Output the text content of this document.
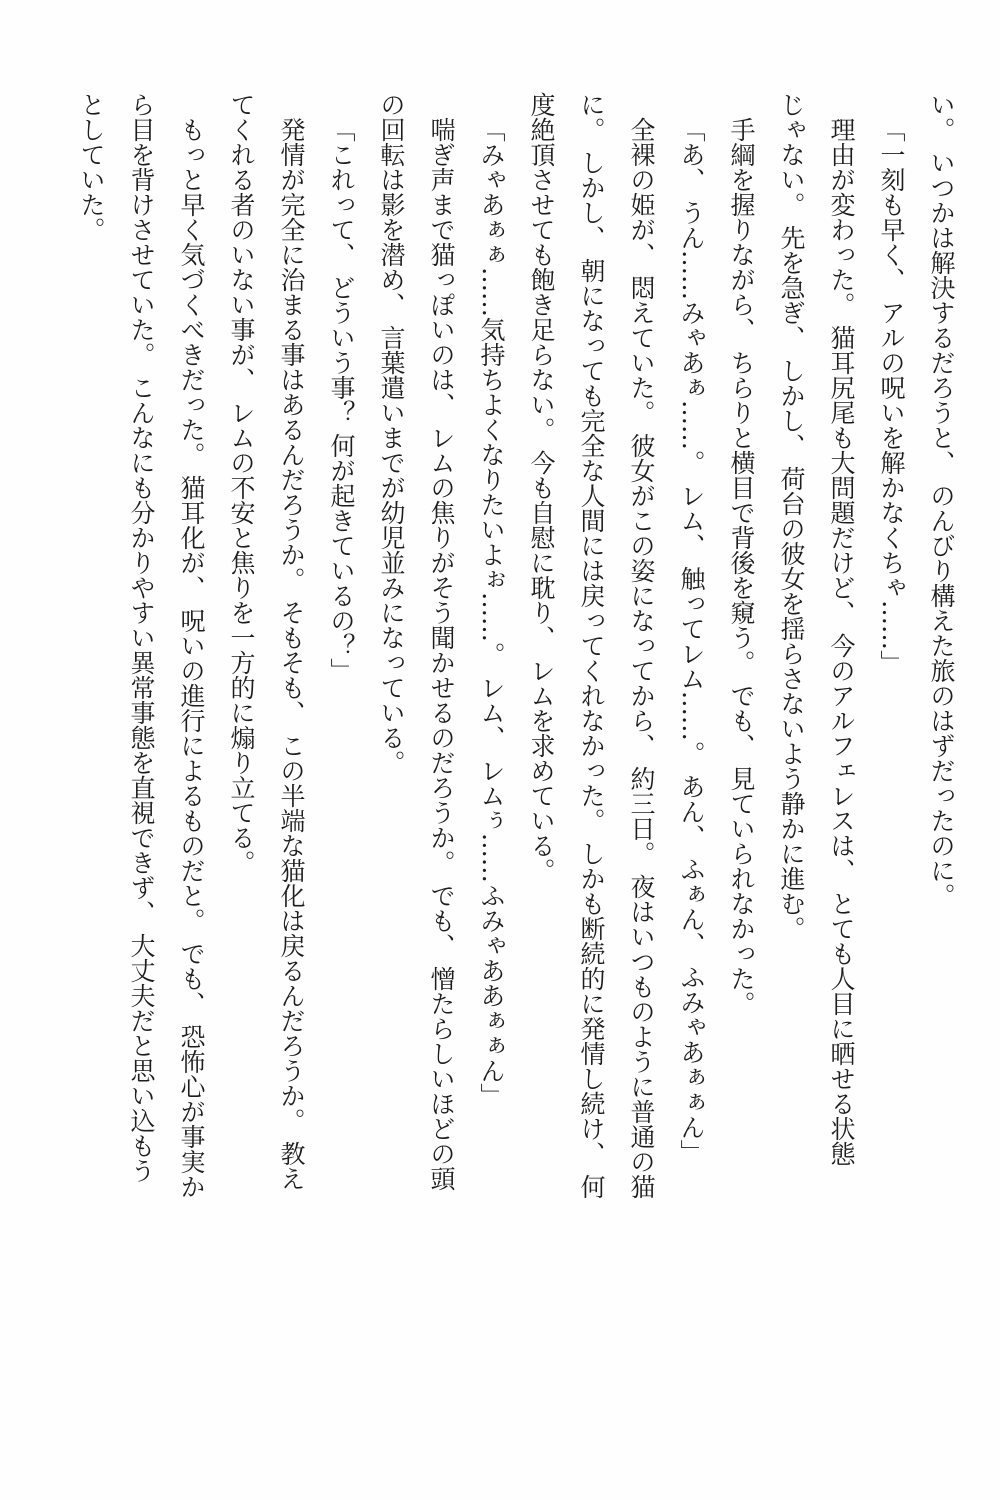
い。 いつかは解決するだろうと、 のんびり構えた旅のはずだったのに。

「一刻も早く、 アルの呪いを解かなくちゃ……」

理由が変わった。 猫耳尻尾も大問題だけど、 今のアルフェレスは、 とても人目に晒せる状態

じゃない。 先を急ぎ、 しかし、 荷台の彼女を揺らさないよう静かに進む。

手綱を握りながら、 ちらりと横目で背後を窺う。 でも、 見ていられなかった。

「あ、 うん……みゃあぁ……。 レム、 触ってレム……。 あん、 ふぁん、 ふみゃあぁぁん」

全裸の姫が、 悶えていた。 彼女がこの姿になってから、 約三日。 夜はいつものように普通の猫

に。 しかし、 朝になっても完全な人間には戻ってくれなかった。 しかも断続的に発情し続け、 何

度絶頂させても飽き足らない。 今も自慰に耽り、 レムを求めている。

「みゃあぁぁ……気持ちよくなりたいよぉ……。 レム、 レムぅ……ふみゃああぁぁん」

喘ぎ声まで猫っぽいのは、 レムの焦りがそう聞かせるのだろうか。 でも、 憎たらしいほどの頭

の回転は影を潜め、 言葉遣いまでが幼児並みになっている。

「これって、 どういう事？ 何が起きているの？」

発情が完全に治まる事はあるんだろうか。 そもそも、 この半端な猫化は戻るんだろうか。 教え

てくれる者のいない事が、 レムの不安と焦りを一方的に煽り立てる。

もっと早く気づくべきだった。 猫耳化が、 呪いの進行によるものだと。 でも、 恐怖心が事実か

ら目を背けさせていた。 こんなにも分かりやすい異常事態を直視できず、 大丈夫だと思い込もう

としていた。
